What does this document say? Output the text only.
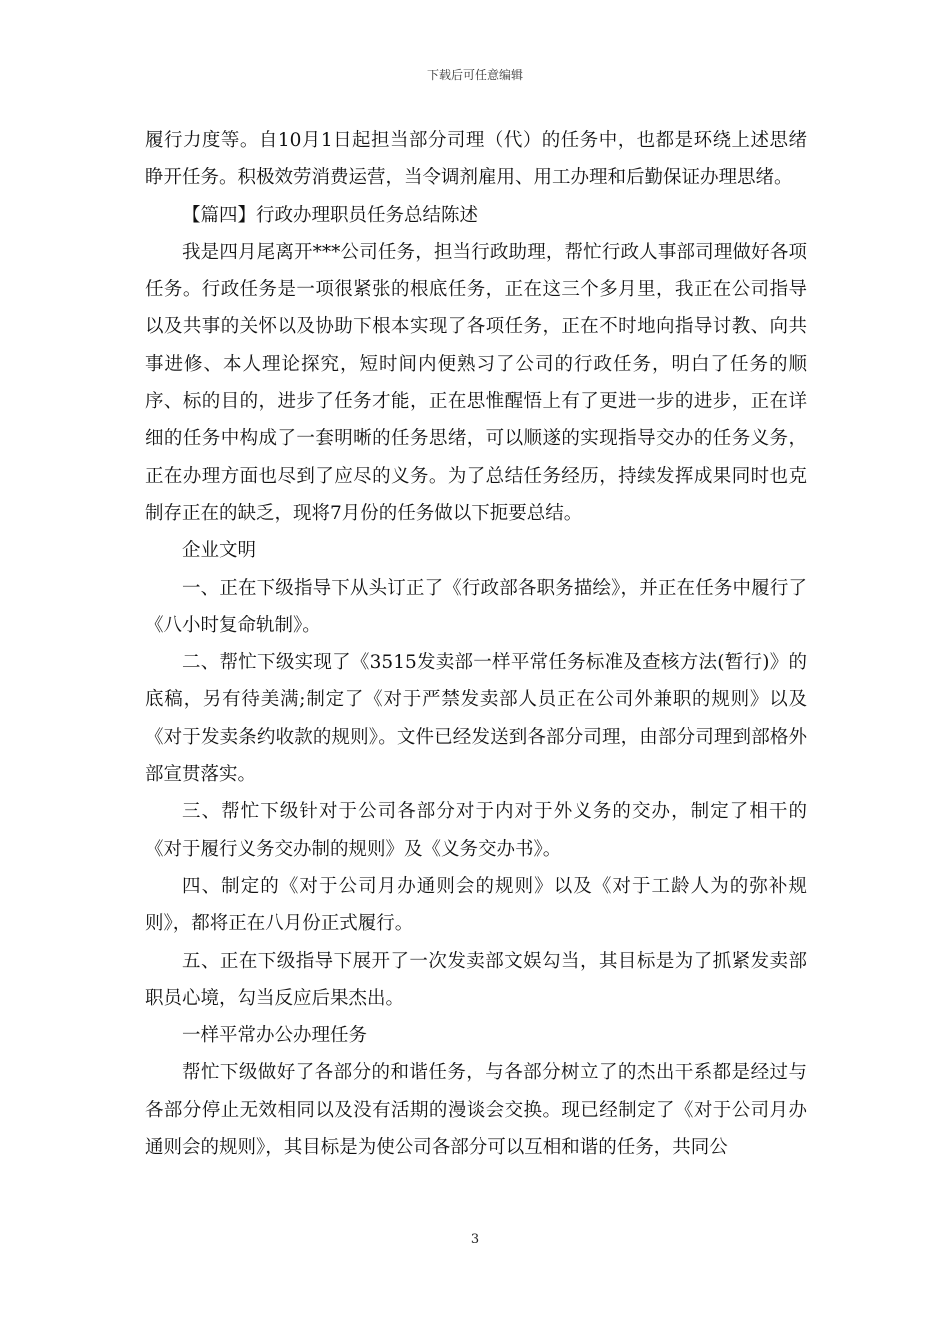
下载后可任意编辑

履行力度等。自10月1日起担当部分司理（代）的任务中，也都是环绕上述思绪睁开任务。积极效劳消费运营，当令调剂雇用、用工办理和后勤保证办理思绪。

【篇四】行政办理职员任务总结陈述

我是四月尾离开***公司任务，担当行政助理，帮忙行政人事部司理做好各项任务。行政任务是一项很紧张的根底任务，正在这三个多月里，我正在公司指导以及共事的关怀以及协助下根本实现了各项任务，正在不时地向指导讨教、向共事进修、本人理论探究，短时间内便熟习了公司的行政任务，明白了任务的顺序、标的目的，进步了任务才能，正在思惟醒悟上有了更进一步的进步，正在详细的任务中构成了一套明晰的任务思绪，可以顺遂的实现指导交办的任务义务，正在办理方面也尽到了应尽的义务。为了总结任务经历，持续发挥成果同时也克制存正在的缺乏，现将7月份的任务做以下扼要总结。

企业文明

一、正在下级指导下从头订正了《行政部各职务描绘》，并正在任务中履行了《八小时复命轨制》。

二、帮忙下级实现了《3515发卖部一样平常任务标准及查核方法(暂行)》的底稿，另有待美满;制定了《对于严禁发卖部人员正在公司外兼职的规则》以及《对于发卖条约收款的规则》。文件已经发送到各部分司理，由部分司理到部格外部宣贯落实。

三、帮忙下级针对于公司各部分对于内对于外义务的交办，制定了相干的《对于履行义务交办制的规则》及《义务交办书》。

四、制定的《对于公司月办通则会的规则》以及《对于工龄人为的弥补规则》，都将正在八月份正式履行。

五、正在下级指导下展开了一次发卖部文娱勾当，其目标是为了抓紧发卖部职员心境，勾当反应后果杰出。

一样平常办公办理任务

帮忙下级做好了各部分的和谐任务，与各部分树立了的杰出干系都是经过与各部分停止无效相同以及没有活期的漫谈会交换。现已经制定了《对于公司月办通则会的规则》，其目标是为使公司各部分可以互相和谐的任务，共同公

3
